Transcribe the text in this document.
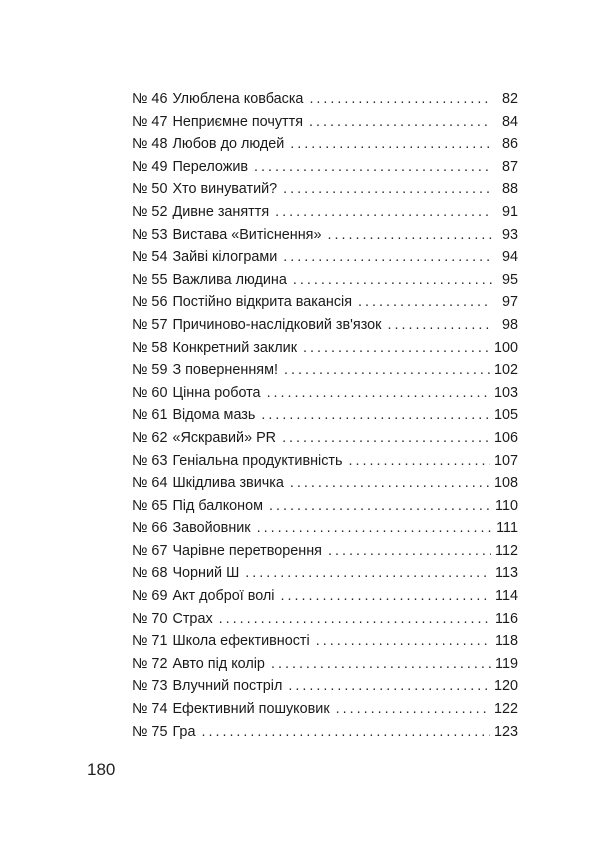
№ 46 Улюблена ковбаска . . .	82
№ 47 Неприємне почуття . . .	84
№ 48 Любов до людей . . .	86
№ 49 Переложив . . .	87
№ 50 Хто винуватий? . . .	88
№ 52 Дивне заняття . . .	91
№ 53 Вистава «Витіснення» . . .	93
№ 54 Зайві кілограми . . .	94
№ 55 Важлива людина . . .	95
№ 56 Постійно відкрита вакансія . . .	97
№ 57 Причиново-наслідковий зв'язок . . .	98
№ 58 Конкретний заклик . . .	100
№ 59 З поверненням! . . .	102
№ 60 Цінна робота . . .	103
№ 61 Відома мазь . . .	105
№ 62 «Яскравий» PR . . .	106
№ 63 Геніальна продуктивність . . .	107
№ 64 Шкідлива звичка . . .	108
№ 65 Під балконом . . .	110
№ 66 Завойовник . . .	111
№ 67 Чарівне перетворення . . .	112
№ 68 Чорний Ш . . .	113
№ 69 Акт доброї волі . . .	114
№ 70 Страх . . .	116
№ 71 Школа ефективності . . .	118
№ 72 Авто під колір . . .	119
№ 73 Влучний постріл . . .	120
№ 74 Ефективний пошуковик . . .	122
№ 75 Гра . . .	123
180
